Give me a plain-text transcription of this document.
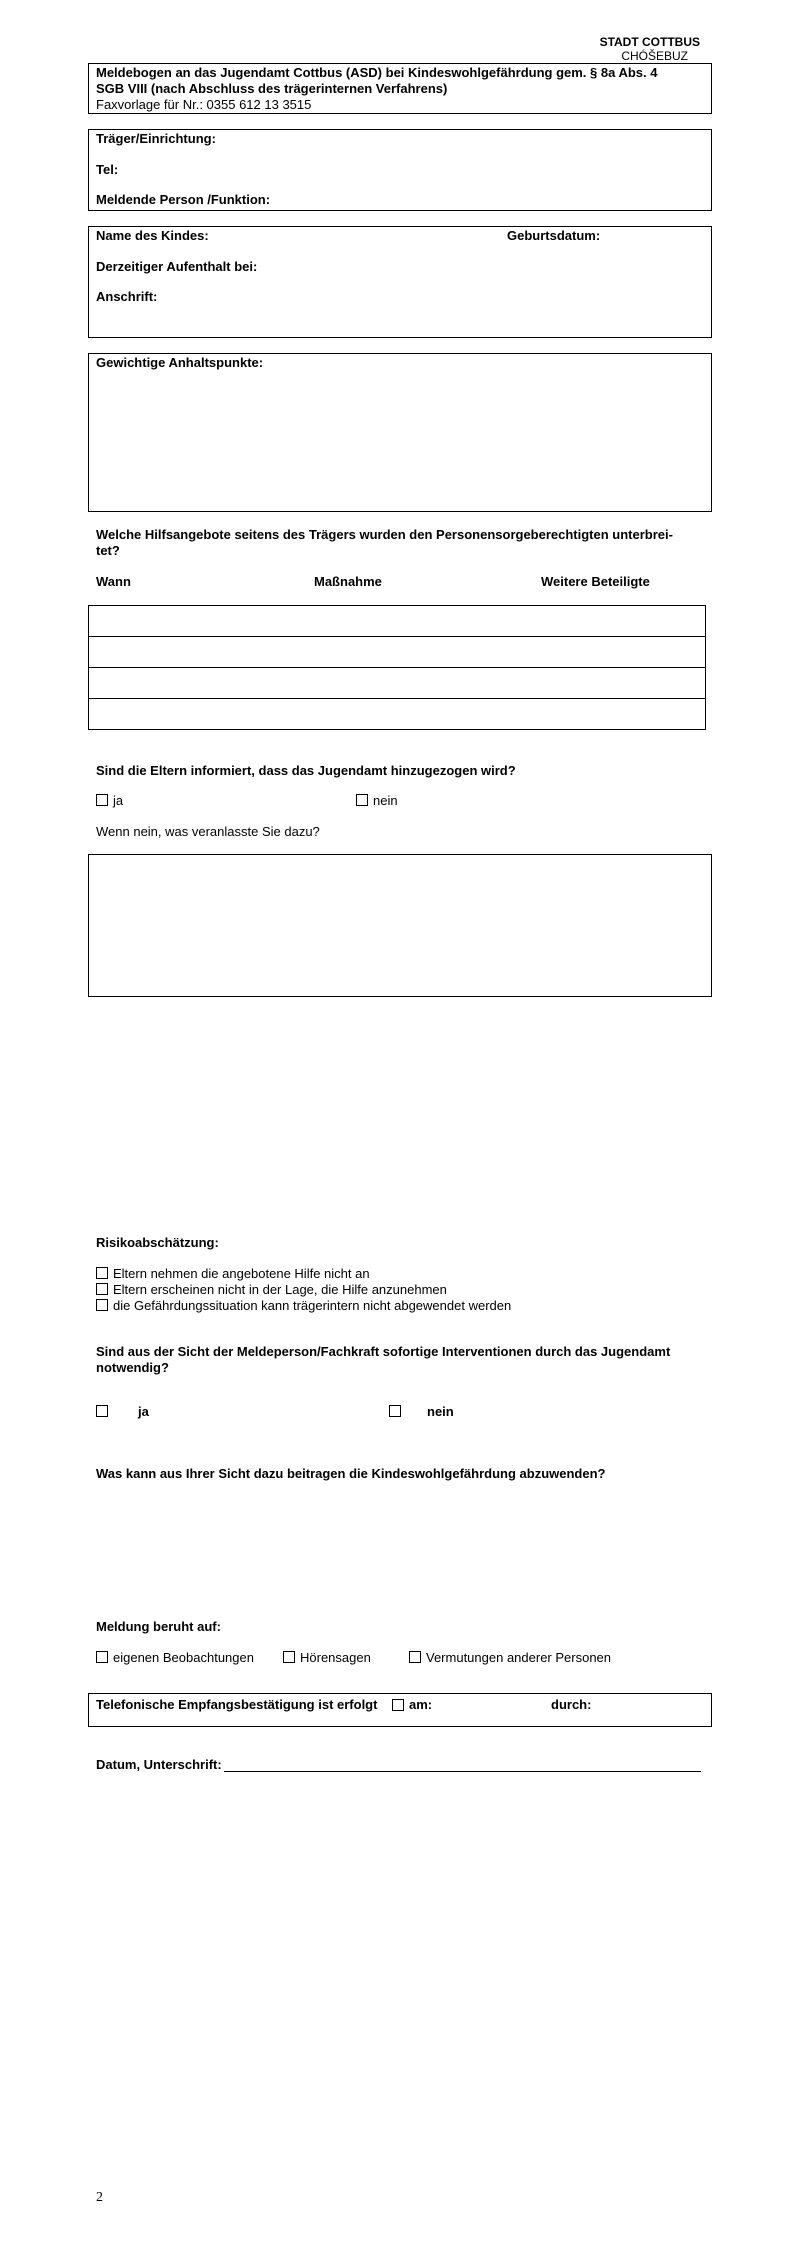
STADT COTTBUS
CHÓŠEBUZ
Meldebogen an das Jugendamt Cottbus (ASD) bei Kindeswohlgefährdung gem. § 8a Abs. 4
SGB VIII (nach Abschluss des trägerinternen Verfahrens)
Faxvorlage für Nr.: 0355 612 13 3515
Träger/Einrichtung:
Tel:
Meldende Person /Funktion:
Name des Kindes:	Geburtsdatum:
Derzeitiger Aufenthalt bei:
Anschrift:
Gewichtige Anhaltspunkte:
Welche Hilfsangebote seitens des Trägers wurden den Personensorgeberechtigten unterbrei-
tet?
Wann	Maßnahme	Weitere Beteiligte
Sind die Eltern informiert, dass das Jugendamt hinzugezogen wird?
ja	nein
Wenn nein, was veranlasste Sie dazu?
Risikoabschätzung:
Eltern nehmen die angebotene Hilfe nicht an
Eltern erscheinen nicht in der Lage, die Hilfe anzunehmen
die Gefährdungssituation kann trägerintern nicht abgewendet werden
Sind aus der Sicht der Meldeperson/Fachkraft sofortige Interventionen durch das Jugendamt
notwendig?
ja	nein
Was kann aus Ihrer Sicht dazu beitragen die Kindeswohlgefährdung abzuwenden?
Meldung beruht auf:
eigenen Beobachtungen	Hörensagen	Vermutungen anderer Personen
Telefonische Empfangsbestätigung ist erfolgt am:	durch:
Datum, Unterschrift:
2
